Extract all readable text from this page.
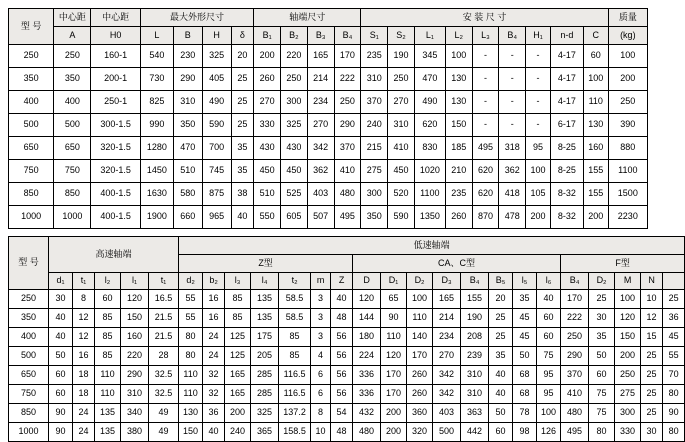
型 号	中心距	中心距	最大外形尺寸				轴端尺寸				安 装 尺 寸									质量
	A	H0	L	B	H	δ	B₁	B₂	B₃	B₄	S₁	S₂	L₁	L₂	L₃	B₄	H₁	n-d	C	(kg)
250	250	160-1	540	230	325	20	200	220	165	170	235	190	345	100	-	-	-	4-17	60	100
350	350	200-1	730	290	405	25	260	250	214	222	310	250	470	130	-	-	-	4-17	100	200
400	400	250-1	825	310	490	25	270	300	234	250	370	270	490	130	-	-	-	4-17	110	250
500	500	300-1.5	990	350	590	25	330	325	270	290	240	310	620	150	-	-	-	6-17	130	390
650	650	320-1.5	1280	470	700	35	430	430	342	370	215	410	830	185	495	318	95	8-25	160	880
750	750	320-1.5	1450	510	745	35	450	450	362	410	275	450	1020	210	620	362	100	8-25	155	1100
850	850	400-1.5	1630	580	875	38	510	525	403	480	300	520	1100	235	620	418	105	8-32	155	1500
1000	1000	400-1.5	1900	660	965	40	550	605	507	495	350	590	1350	260	870	478	200	8-32	200	2230
型 号	高速轴端					低速轴端																				
						Z型							CA、C型								F型					
	d₁	t₁	l₂	l₁	t₁	d₂	b₂	l₃	l₄	t₂	m	Z	D	D₁	D₂	D₃	B₄	B₅	l₅	l₆	B₄	D₂	M	N		
250	30	8	60	120	16.5	55	16	85	135	58.5	3	40	120	65	100	165	155	20	35	40	170	25	100	10	25	
350	40	12	85	150	21.5	55	16	85	135	58.5	3	48	144	90	110	214	190	25	45	60	222	30	120	12	36	
400	40	12	85	160	21.5	80	24	125	175	85	3	56	180	110	140	234	208	25	45	60	250	35	150	15	45	
500	50	16	85	220	28	80	24	125	205	85	4	56	224	120	170	270	239	35	50	75	290	50	200	25	55	
650	60	18	110	290	32.5	110	32	165	285	116.5	6	56	336	170	260	342	310	40	68	95	370	60	250	25	70	
750	60	18	110	310	32.5	110	32	165	285	116.5	6	56	336	170	260	342	310	40	68	95	410	75	275	25	80	
850	90	24	135	340	49	130	36	200	325	137.2	8	54	432	200	360	403	363	50	78	100	480	75	300	25	90	
1000	90	24	135	380	49	150	40	240	365	158.5	10	48	480	200	320	500	442	60	98	126	495	80	330	30	80	
